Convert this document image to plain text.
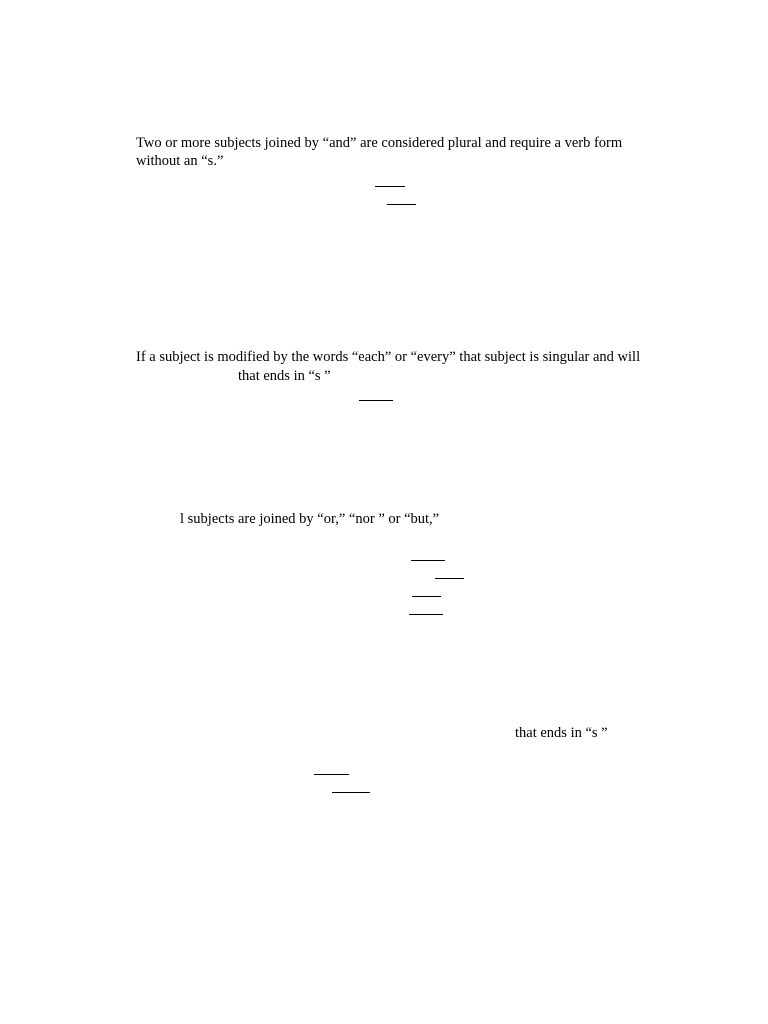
Two or more subjects joined by “and” are considered plural and require a verb form
without an “s.”
If a subject is modified by the words “each” or “every” that subject is singular and will
that ends in “s ”
l subjects are joined by “or,” “nor ” or “but,”
that ends in “s ”
